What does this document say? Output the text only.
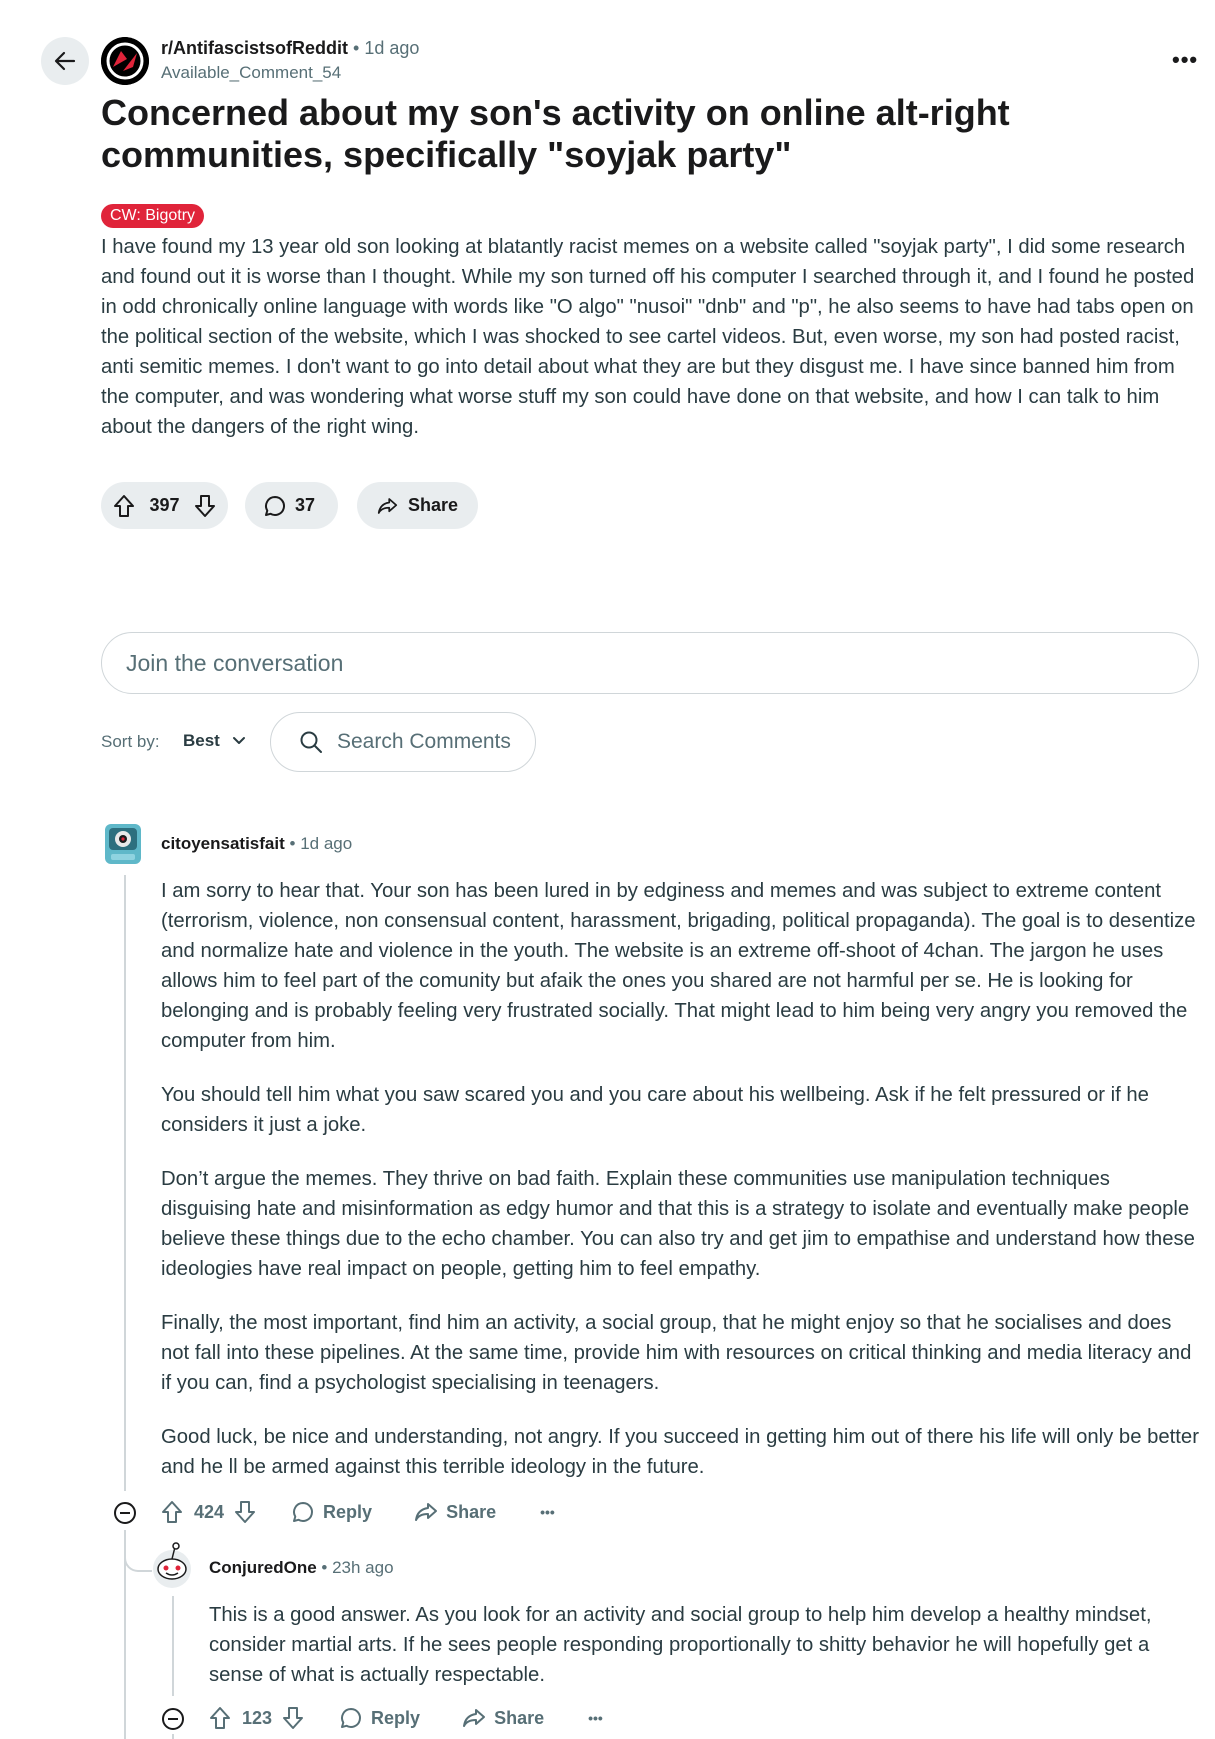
r/AntifascistsofReddit • 1d ago
Available_Comment_54
•••
Concerned about my son's activity on online alt-right communities, specifically "soyjak party"
CW: Bigotry
I have found my 13 year old son looking at blatantly racist memes on a website called "soyjak party", I did some research and found out it is worse than I thought. While my son turned off his computer I searched through it, and I found he posted in odd chronically online language with words like "O algo" "nusoi" "dnb" and "p", he also seems to have had tabs open on the political section of the website, which I was shocked to see cartel videos. But, even worse, my son had posted racist, anti semitic memes. I don't want to go into detail about what they are but they disgust me. I have since banned him from the computer, and was wondering what worse stuff my son could have done on that website, and how I can talk to him about the dangers of the right wing.
397	37	Share
Join the conversation
Sort by: Best	Search Comments
citoyensatisfait • 1d ago

I am sorry to hear that. Your son has been lured in by edginess and memes and was subject to extreme content (terrorism, violence, non consensual content, harassment, brigading, political propaganda). The goal is to desentize and normalize hate and violence in the youth. The website is an extreme off-shoot of 4chan. The jargon he uses allows him to feel part of the comunity but afaik the ones you shared are not harmful per se. He is looking for belonging and is probably feeling very frustrated socially. That might lead to him being very angry you removed the computer from him.

You should tell him what you saw scared you and you care about his wellbeing. Ask if he felt pressured or if he considers it just a joke.

Don’t argue the memes. They thrive on bad faith. Explain these communities use manipulation techniques disguising hate and misinformation as edgy humor and that this is a strategy to isolate and eventually make people believe these things due to the echo chamber. You can also try and get jim to empathise and understand how these ideologies have real impact on people, getting him to feel empathy.

Finally, the most important, find him an activity, a social group, that he might enjoy so that he socialises and does not fall into these pipelines. At the same time, provide him with resources on critical thinking and media literacy and if you can, find a psychologist specialising in teenagers.

Good luck, be nice and understanding, not angry. If you succeed in getting him out of there his life will only be better and he ll be armed against this terrible ideology in the future.

424	Reply	Share	•••
ConjuredOne • 23h ago

This is a good answer. As you look for an activity and social group to help him develop a healthy mindset, consider martial arts. If he sees people responding proportionally to shitty behavior he will hopefully get a sense of what is actually respectable.

123	Reply	Share	•••
